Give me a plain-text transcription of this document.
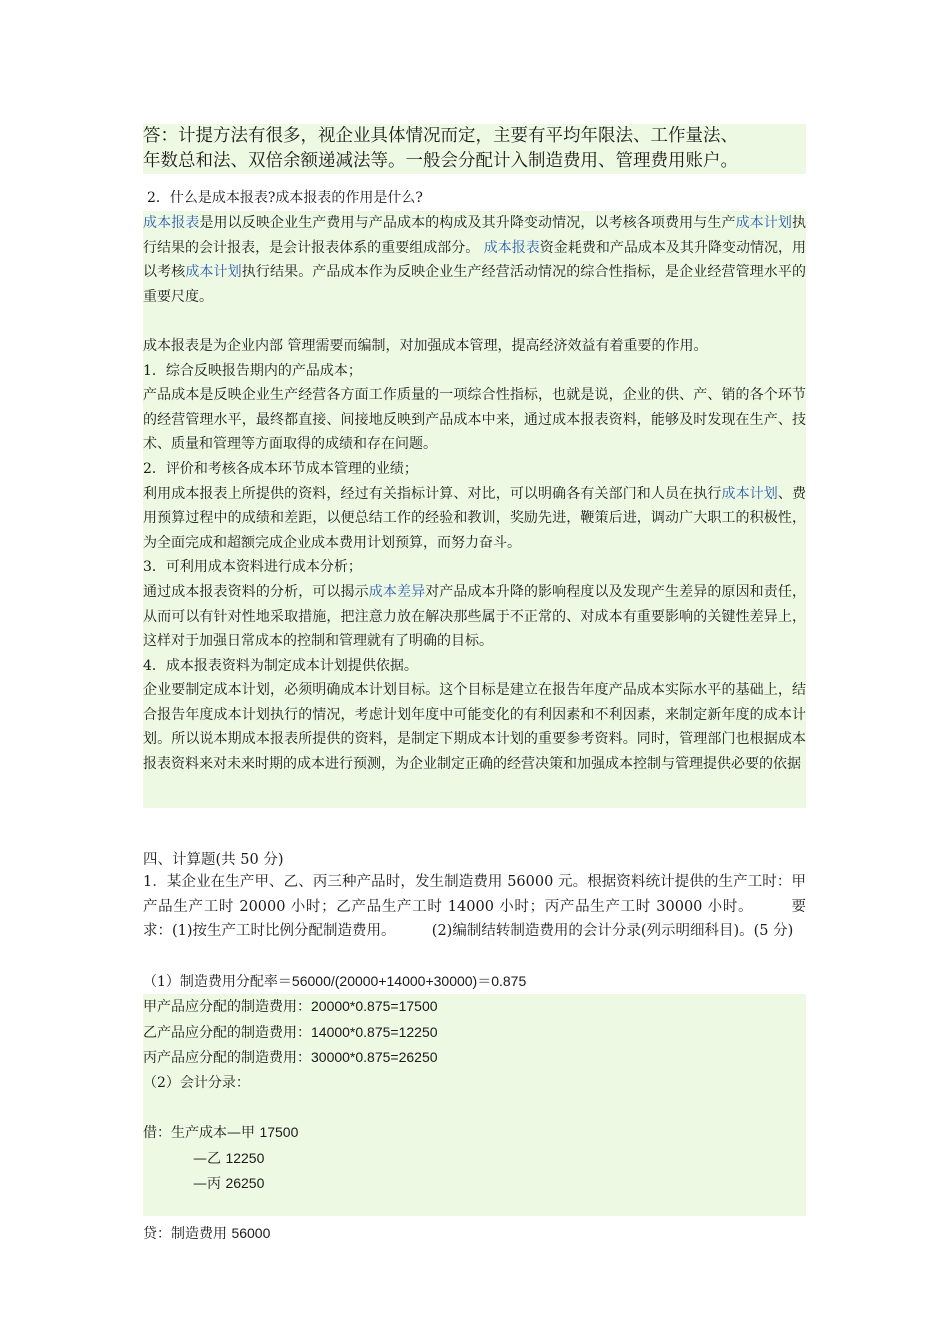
答：计提方法有很多，视企业具体情况而定，主要有平均年限法、工作量法、
年数总和法、双倍余额递减法等。一般会分配计入制造费用、管理费用账户。
2．什么是成本报表?成本报表的作用是什么?

成本报表是用以反映企业生产费用与产品成本的构成及其升降变动情况，以考核各项费用与生产成本计划执行结果的会计报表，是会计报表体系的重要组成部分。 成本报表资金耗费和产品成本及其升降变动情况，用以考核成本计划执行结果。产品成本作为反映企业生产经营活动情况的综合性指标，是企业经营管理水平的重要尺度。

成本报表是为企业内部 管理需要而编制，对加强成本管理，提高经济效益有着重要的作用。

1．综合反映报告期内的产品成本；

产品成本是反映企业生产经营各方面工作质量的一项综合性指标，也就是说，企业的供、产、销的各个环节的经营管理水平，最终都直接、间接地反映到产品成本中来，通过成本报表资料，能够及时发现在生产、技术、质量和管理等方面取得的成绩和存在问题。

2．评价和考核各成本环节成本管理的业绩；

利用成本报表上所提供的资料，经过有关指标计算、对比，可以明确各有关部门和人员在执行成本计划、费用预算过程中的成绩和差距，以便总结工作的经验和教训，奖励先进，鞭策后进，调动广大职工的积极性，为全面完成和超额完成企业成本费用计划预算，而努力奋斗。

3．可利用成本资料进行成本分析；

通过成本报表资料的分析，可以揭示成本差异对产品成本升降的影响程度以及发现产生差异的原因和责任，从而可以有针对性地采取措施，把注意力放在解决那些属于不正常的、对成本有重要影响的关键性差异上，这样对于加强日常成本的控制和管理就有了明确的目标。

4．成本报表资料为制定成本计划提供依据。

企业要制定成本计划，必须明确成本计划目标。这个目标是建立在报告年度产品成本实际水平的基础上，结合报告年度成本计划执行的情况，考虑计划年度中可能变化的有利因素和不利因素，来制定新年度的成本计划。所以说本期成本报表所提供的资料，是制定下期成本计划的重要参考资料。同时，管理部门也根据成本报表资料来对未来时期的成本进行预测，为企业制定正确的经营决策和加强成本控制与管理提供必要的依据

四、计算题(共 50 分)
1．某企业在生产甲、乙、丙三种产品时，发生制造费用 56000 元。根据资料统计提供的生产工时：甲产品生产工时 20000 小时；乙产品生产工时 14000 小时；丙产品生产工时 30000 小时。　　　要求：(1)按生产工时比例分配制造费用。　　　(2)编制结转制造费用的会计分录(列示明细科目)。(5 分)
（1）制造费用分配率＝56000/(20000+14000+30000)＝0.875

甲产品应分配的制造费用：20000*0.875=17500

乙产品应分配的制造费用：14000*0.875=12250

丙产品应分配的制造费用：30000*0.875=26250

（2）会计分录：

借：生产成本—甲 17500

—乙 12250

—丙 26250

贷：制造费用 56000
